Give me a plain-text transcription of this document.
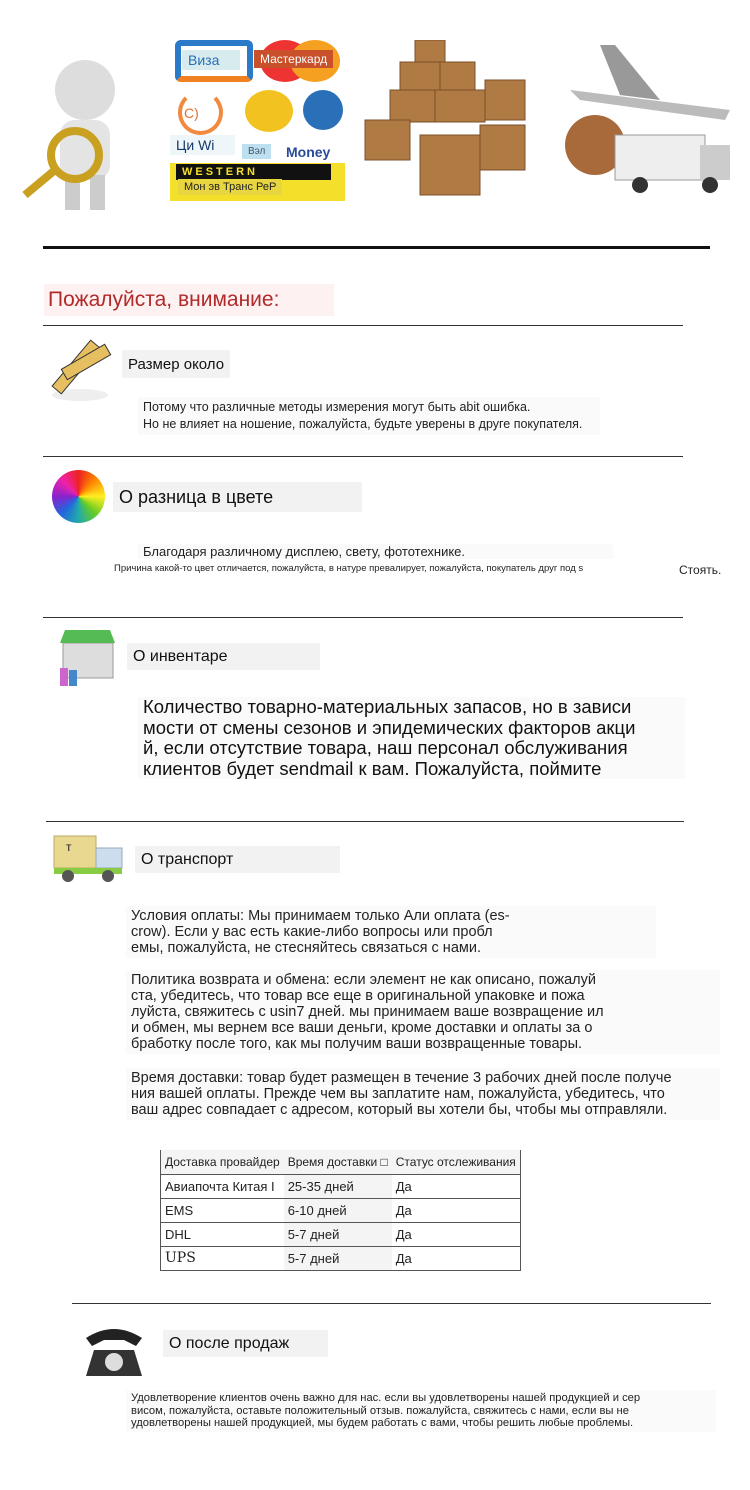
Виза	Мастеркард
С)
Ци Wi	Вэл	Money
WESTERN
Мон эв Транс РеР
Пожалуйста, внимание:
Размер около
Потому что различные методы измерения могут быть abit ошибка.
Но не влияет на ношение, пожалуйста, будьте уверены в друге покупателя.
О разница в цвете
Благодаря различному дисплею, свету, фототехнике.
Причина какой-то цвет отличается, пожалуйста, в натуре превалирует, пожалуйста, покупатель друг под s	Стоять.
О инвентаре
Количество товарно-материальных запасов, но в зависи
мости от смены сезонов и эпидемических факторов акци
й, если отсутствие товара, наш персонал обслуживания
клиентов будет sendmail к вам. Пожалуйста, поймите
т
О транспорт
Условия оплаты: Мы принимаем только Али оплата (es-
crow). Если у вас есть какие-либо вопросы или пробл
емы, пожалуйста, не стесняйтесь связаться с нами.
Политика возврата и обмена: если элемент не как описано, пожалуй
ста, убедитесь, что товар все еще в оригинальной упаковке и пожа
луйста, свяжитесь с usin7 дней. мы принимаем ваше возвращение ил
и обмен, мы вернем все ваши деньги, кроме доставки и оплаты за о
бработку после того, как мы получим ваши возвращенные товары.
Время доставки: товар будет размещен в течение 3 рабочих дней после получе
ния вашей оплаты. Прежде чем вы заплатите нам, пожалуйста, убедитесь, что
ваш адрес совпадает с адресом, который вы хотели бы, чтобы мы отправляли.
Доставка провайдер	Время доставки □	Статус отслеживания
Авиапочта Китая I	25-35 дней	Да
EMS	6-10 дней	Да
DHL	5-7 дней	Да
UPS	5-7 дней	Да
О после продаж
Удовлетворение клиентов очень важно для нас. если вы удовлетворены нашей продукцией и сер
висом, пожалуйста, оставьте положительный отзыв. пожалуйста, свяжитесь с нами, если вы не
удовлетворены нашей продукцией, мы будем работать с вами, чтобы решить любые проблемы.
